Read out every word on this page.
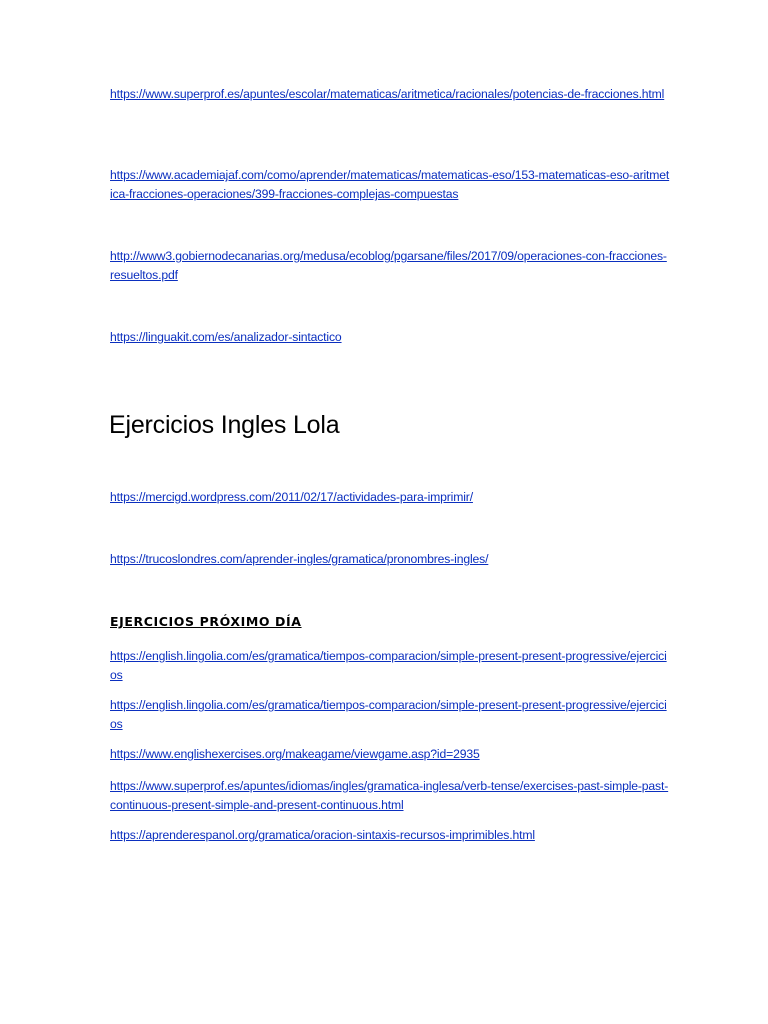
https://www.superprof.es/apuntes/escolar/matematicas/aritmetica/racionales/potencias-de-fracciones.html
https://www.academiajaf.com/como/aprender/matematicas/matematicas-eso/153-matematicas-eso-aritmetica-fracciones-operaciones/399-fracciones-complejas-compuestas
http://www3.gobiernodecanarias.org/medusa/ecoblog/pgarsane/files/2017/09/operaciones-con-fracciones-resueltos.pdf
https://linguakit.com/es/analizador-sintactico
Ejercicios Ingles Lola
https://mercigd.wordpress.com/2011/02/17/actividades-para-imprimir/
https://trucoslondres.com/aprender-ingles/gramatica/pronombres-ingles/
EJERCICIOS PRÓXIMO DÍA
https://english.lingolia.com/es/gramatica/tiempos-comparacion/simple-present-present-progressive/ejercicios
https://english.lingolia.com/es/gramatica/tiempos-comparacion/simple-present-present-progressive/ejercicios
https://www.englishexercises.org/makeagame/viewgame.asp?id=2935
https://www.superprof.es/apuntes/idiomas/ingles/gramatica-inglesa/verb-tense/exercises-past-simple-past-continuous-present-simple-and-present-continuous.html
https://aprenderespanol.org/gramatica/oracion-sintaxis-recursos-imprimibles.html
